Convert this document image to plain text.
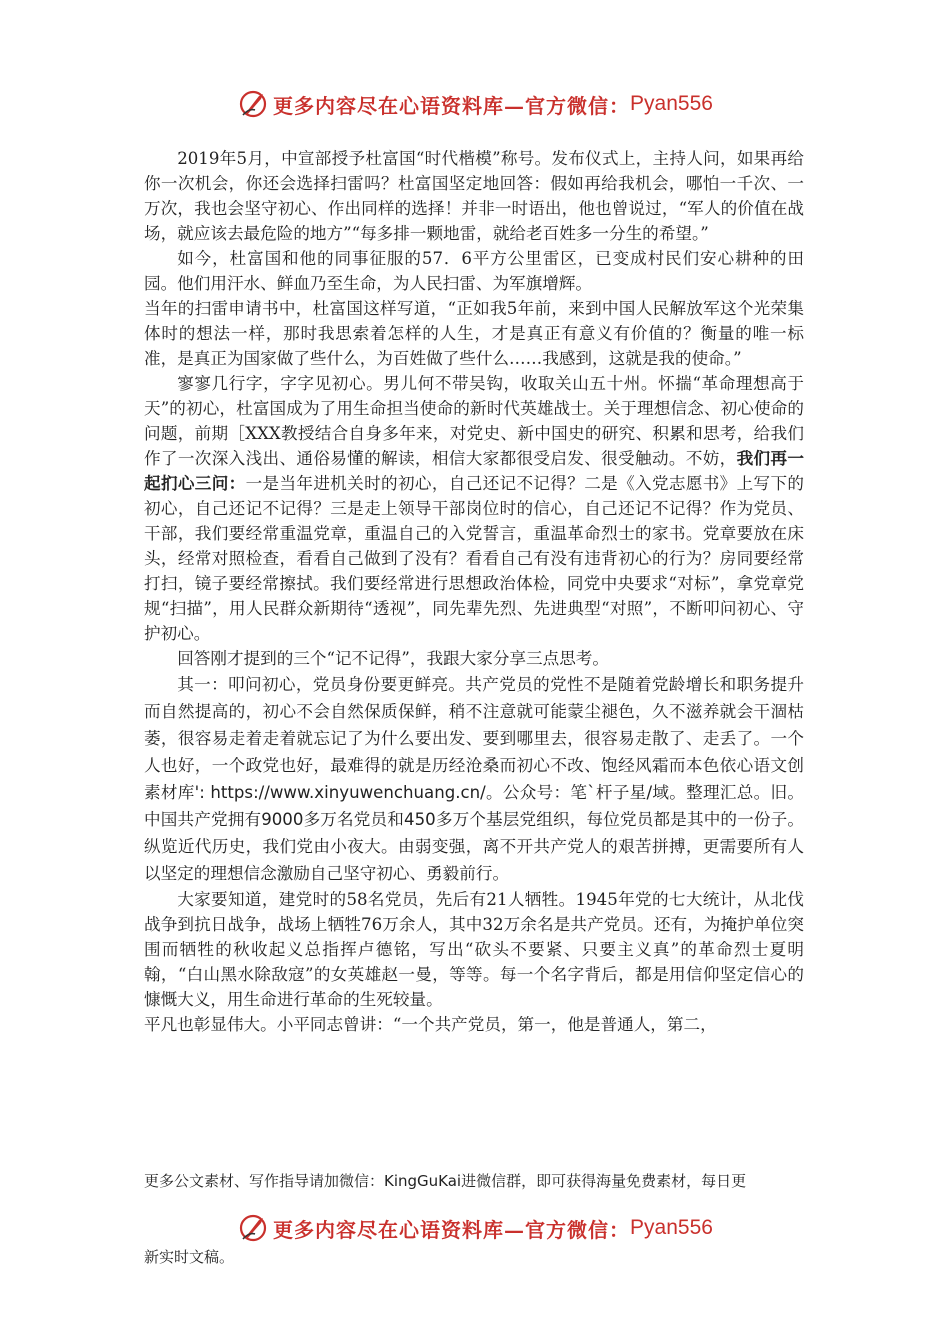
更多内容尽在心语资料库—官方微信： Pyan556

2019年5月，中宣部授予杜富国“时代楷模”称号。发布仪式上，主持人问，如果再给你一次机会，你还会选择扫雷吗？杜富国坚定地回答：假如再给我机会，哪怕一千次、一万次，我也会坚守初心、作出同样的选择！并非一时语出，他也曾说过，“军人的价值在战场，就应该去最危险的地方”“每多排一颗地雷，就给老百姓多一分生的希望。”

如今，杜富国和他的同事征服的57．6平方公里雷区，已变成村民们安心耕种的田园。他们用汗水、鲜血乃至生命，为人民扫雷、为军旗增辉。

当年的扫雷申请书中，杜富国这样写道，“正如我5年前，来到中国人民解放军这个光荣集体时的想法一样，那时我思索着怎样的人生，才是真正有意义有价值的？衡量的唯一标准，是真正为国家做了些什么，为百姓做了些什么……我感到，这就是我的使命。”

寥寥几行字，字字见初心。男儿何不带吴钩，收取关山五十州。怀揣“革命理想高于天”的初心，杜富国成为了用生命担当使命的新时代英雄战士。关于理想信念、初心使命的问题，前期［XXX教授结合自身多年来，对党史、新中国史的研究、积累和思考，给我们作了一次深入浅出、通俗易懂的解读，相信大家都很受启发、很受触动。不妨，我们再一起扪心三问：一是当年进机关时的初心，自己还记不记得？二是《入党志愿书》上写下的初心，自己还记不记得？三是走上领导干部岗位时的信心，自己还记不记得？作为党员、干部，我们要经常重温党章，重温自己的入党誓言，重温革命烈士的家书。党章要放在床头，经常对照检查，看看自己做到了没有？看看自己有没有违背初心的行为？房同要经常打扫，镜子要经常擦拭。我们要经常进行思想政治体检，同党中央要求“对标”，拿党章党规“扫描”，用人民群众新期待“透视”，同先辈先烈、先进典型“对照”，不断叩问初心、守护初心。

回答刚才提到的三个“记不记得”，我跟大家分享三点思考。

其一：叩问初心，党员身份要更鲜亮。共产党员的党性不是随着党龄增长和职务提升而自然提高的，初心不会自然保质保鲜，稍不注意就可能蒙尘褪色，久不滋养就会干涸枯萎，很容易走着走着就忘记了为什么要出发、要到哪里去，很容易走散了、走丢了。一个人也好，一个政党也好，最难得的就是历经沧桑而初心不改、饱经风霜而本色依心语文创素材库': https://www.xinyuwenchuang.cn/。公众号：笔`杆子星/域。整理汇总。旧。中国共产党拥有9000多万名党员和450多万个基层党组织，每位党员都是其中的一份子。纵览近代历史，我们党由小夜大。由弱变强，离不开共产党人的艰苦拼搏，更需要所有人以坚定的理想信念激励自己坚守初心、勇毅前行。

大家要知道，建党时的58名党员，先后有21人牺牲。1945年党的七大统计，从北伐战争到抗日战争，战场上牺牲76万余人，其中32万余名是共产党员。还有，为掩护单位突围而牺牲的秋收起义总指挥卢德铭，写出“砍头不要紧、只要主义真”的革命烈士夏明翰，“白山黑水除敌寇”的女英雄赵一曼，等等。每一个名字背后，都是用信仰坚定信心的慷慨大义，用生命进行革命的生死较量。

平凡也彰显伟大。小平同志曾讲：“一个共产党员，第一，他是普通人，第二，

更多公文素材、写作指导请加微信：KingGuKai进微信群，即可获得海量免费素材，每日更
更多内容尽在心语资料库—官方微信： Pyan556
新实时文稿。
